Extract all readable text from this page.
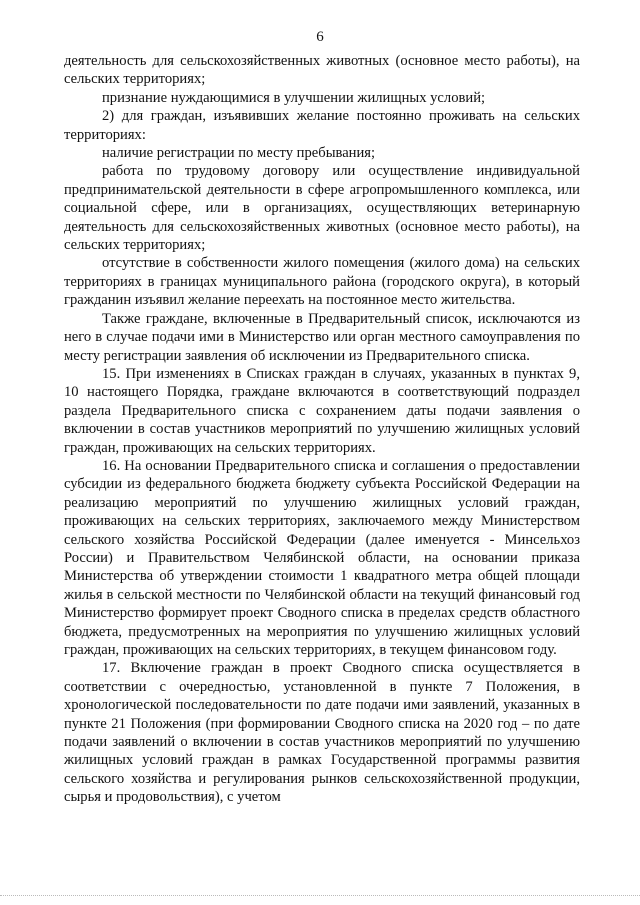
6

деятельность для сельскохозяйственных животных (основное место работы), на сельских территориях;

признание нуждающимися в улучшении жилищных условий;

2) для граждан, изъявивших желание постоянно проживать на сельских территориях:

наличие регистрации по месту пребывания;

работа по трудовому договору или осуществление индивидуальной предпринимательской деятельности в сфере агропромышленного комплекса, или социальной сфере, или в организациях, осуществляющих ветеринарную деятельность для сельскохозяйственных животных (основное место работы), на сельских территориях;

отсутствие в собственности жилого помещения (жилого дома) на сельских территориях в границах муниципального района (городского округа), в который гражданин изъявил желание переехать на постоянное место жительства.

Также граждане, включенные в Предварительный список, исключаются из него в случае подачи ими в Министерство или орган местного самоуправления по месту регистрации заявления об исключении из Предварительного списка.

15. При изменениях в Списках граждан в случаях, указанных в пунктах 9, 10 настоящего Порядка, граждане включаются в соответствующий подраздел раздела Предварительного списка с сохранением даты подачи заявления о включении в состав участников мероприятий по улучшению жилищных условий граждан, проживающих на сельских территориях.

16. На основании Предварительного списка и соглашения о предоставлении субсидии из федерального бюджета бюджету субъекта Российской Федерации на реализацию мероприятий по улучшению жилищных условий граждан, проживающих на сельских территориях, заключаемого между Министерством сельского хозяйства Российской Федерации (далее именуется - Минсельхоз России) и Правительством Челябинской области, на основании приказа Министерства об утверждении стоимости 1 квадратного метра общей площади жилья в сельской местности по Челябинской области на текущий финансовый год Министерство формирует проект Сводного списка в пределах средств областного бюджета, предусмотренных на мероприятия по улучшению жилищных условий граждан, проживающих на сельских территориях, в текущем финансовом году.

17. Включение граждан в проект Сводного списка осуществляется в соответствии с очередностью, установленной в пункте 7 Положения, в хронологической последовательности по дате подачи ими заявлений, указанных в пункте 21 Положения (при формировании Сводного списка на 2020 год – по дате подачи заявлений о включении в состав участников мероприятий по улучшению жилищных условий граждан в рамках Государственной программы развития сельского хозяйства и регулирования рынков сельскохозяйственной продукции, сырья и продовольствия), с учетом
